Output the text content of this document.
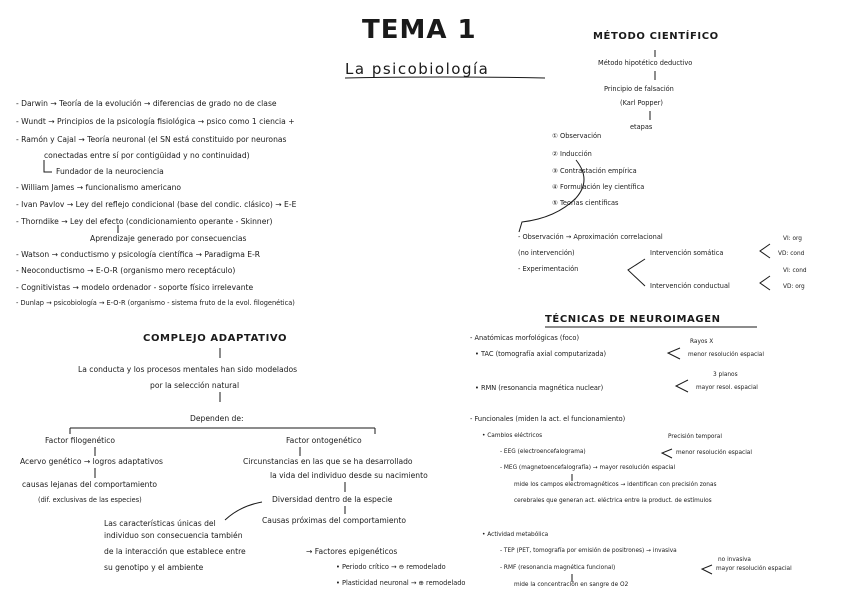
TEMA 1
La psicobiología
- Darwin → Teoría de la evolución → diferencias de grado no de clase
- Wundt → Principios de la psicología fisiológica → psico como 1 ciencia +
- Ramón y Cajal → Teoría neuronal (el SN está constituido por neuronas
conectadas entre sí por contigüidad y no continuidad)
Fundador de la neurociencia
- William James → funcionalismo americano
- Ivan Pavlov → Ley del reflejo condicional (base del condic. clásico) → E-E
- Thorndike → Ley del efecto (condicionamiento operante - Skinner)
Aprendizaje generado por consecuencias
- Watson → conductismo y psicología científica → Paradigma E-R
- Neoconductismo → E-O-R (organismo mero receptáculo)
- Cognitivistas → modelo ordenador - soporte físico irrelevante
- Dunlap → psicobiología → E-O-R (organismo - sistema fruto de la evol. filogenética)
COMPLEJO ADAPTATIVO
La conducta y los procesos mentales han sido modelados
por la selección natural
Dependen de:
Factor filogenético	Factor ontogenético
Acervo genético → logros adaptativos
causas lejanas del comportamiento
(dif. exclusivas de las especies)
Circunstancias en las que se ha desarrollado
la vida del individuo desde su nacimiento
Diversidad dentro de la especie
Causas próximas del comportamiento
Las características únicas del
individuo son consecuencia también
de la interacción que establece entre
su genotipo y el ambiente
→ Factores epigenéticos
• Periodo crítico → ⊖ remodelado
• Plasticidad neuronal → ⊕ remodelado
MÉTODO CIENTÍFICO
Método hipotético deductivo
Principio de falsación
(Karl Popper)
etapas
① Observación
② Inducción
③ Contrastación empírica
④ Formulación ley científica
⑤ Teorías científicas
- Observación → Aproximación correlacional
(no intervención)	Intervención somática
- Experimentación
Intervención conductual
VI: org
VD: cond
VI: cond
VD: org
TÉCNICAS DE NEUROIMAGEN
- Anatómicas morfológicas (foco)	Rayos X
• TAC (tomografía axial computarizada)	menor resolución espacial
3 planos
• RMN (resonancia magnética nuclear)	mayor resol. espacial
- Funcionales (miden la act. el funcionamiento)
• Cambios eléctricos	Precisión temporal
- EEG (electroencefalograma)	menor resolución espacial
- MEG (magnetoencefalografía) → mayor resolución espacial
mide los campos electromagnéticos → identifican con precisión zonas
cerebrales que generan act. eléctrica entre la product. de estímulos
• Actividad metabólica
- TEP (PET, tomografía por emisión de positrones) → invasiva
no invasiva
- RMF (resonancia magnética funcional)	mayor resolución espacial
mide la concentración en sangre de O2
